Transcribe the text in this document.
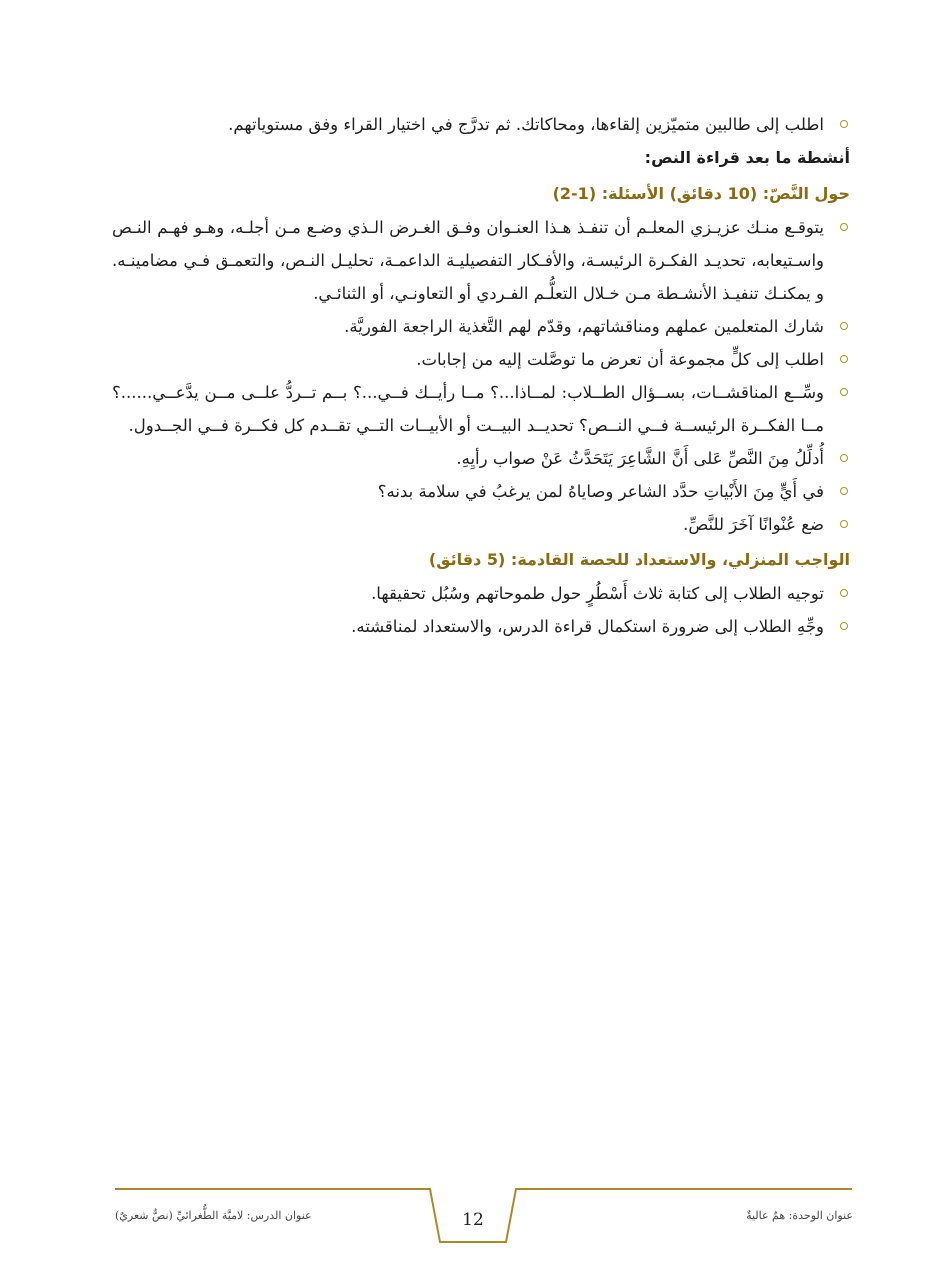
اطلب إلى طالبين متميّزين إلقاءها، ومحاكاتك. ثم تدرَّج في اختيار القراء وفق مستوياتهم.
أنشطة ما بعد قراءة النص:
حول النَّصّ: (10 دقائق) الأسئلة: (1-2)
يتوقـع منـك عزيـزي المعلـم أن تنفـذ هـذا العنـوان وفـق الغـرض الـذي وضـع مـن أجلـه، وهـو فهـم النـص واسـتيعابه، تحديـد الفكـرة الرئيسـة، والأفـكار التفصيليـة الداعمـة، تحليـل النـص، والتعمـق فـي مضامينـه. و يمكنـك تنفيـذ الأنشـطة مـن خـلال التعلُّـم الفـردي أو التعاونـي، أو الثنائـي.
شارك المتعلمين عملهم ومناقشاتهم، وقدّم لهم التَّغذية الراجعة الفوريَّة.
اطلب إلى كلٍّ مجموعة أن تعرض ما توصَّلت إليه من إجابات.
وسِّــع المناقشــات، بســؤال الطــلاب: لمــاذا...؟ مــا رأيــك فــي...؟ بــم تــردُّ علــى مــن يدَّعــي......؟ مــا الفكــرة الرئيســة فــي النــص؟ تحديــد البيــت أو الأبيــات التــي تقــدم كل فكــرة فــي الجــدول.
أُدلِّلُ مِنَ النَّصِّ عَلى أَنَّ الشَّاعِرَ يَتَحَدَّثُ عَنْ صواب رأيِهِ.
في أَيٍّ مِنَ الأَبْياتِ حدَّد الشاعر وصاياهُ لمن يرغبُ في سلامة بدنه؟
ضع عُنْوانًا آخَرَ للنَّصِّ.
الواجب المنزلي، والاستعداد للحصة القادمة: (5 دقائق)
توجيه الطلاب إلى كتابة ثلاث أَسْطُرٍ حول طموحاتهم وسُبُل تحقيقها.
وجِّهِ الطلاب إلى ضرورة استكمال قراءة الدرس، والاستعداد لمناقشته.
عنوان الدرس: لاميَّة الطُّغرائيِّ (نصٌّ شعريٌ)	12	عنوان الوحدة: همٌ عاليةٌ
